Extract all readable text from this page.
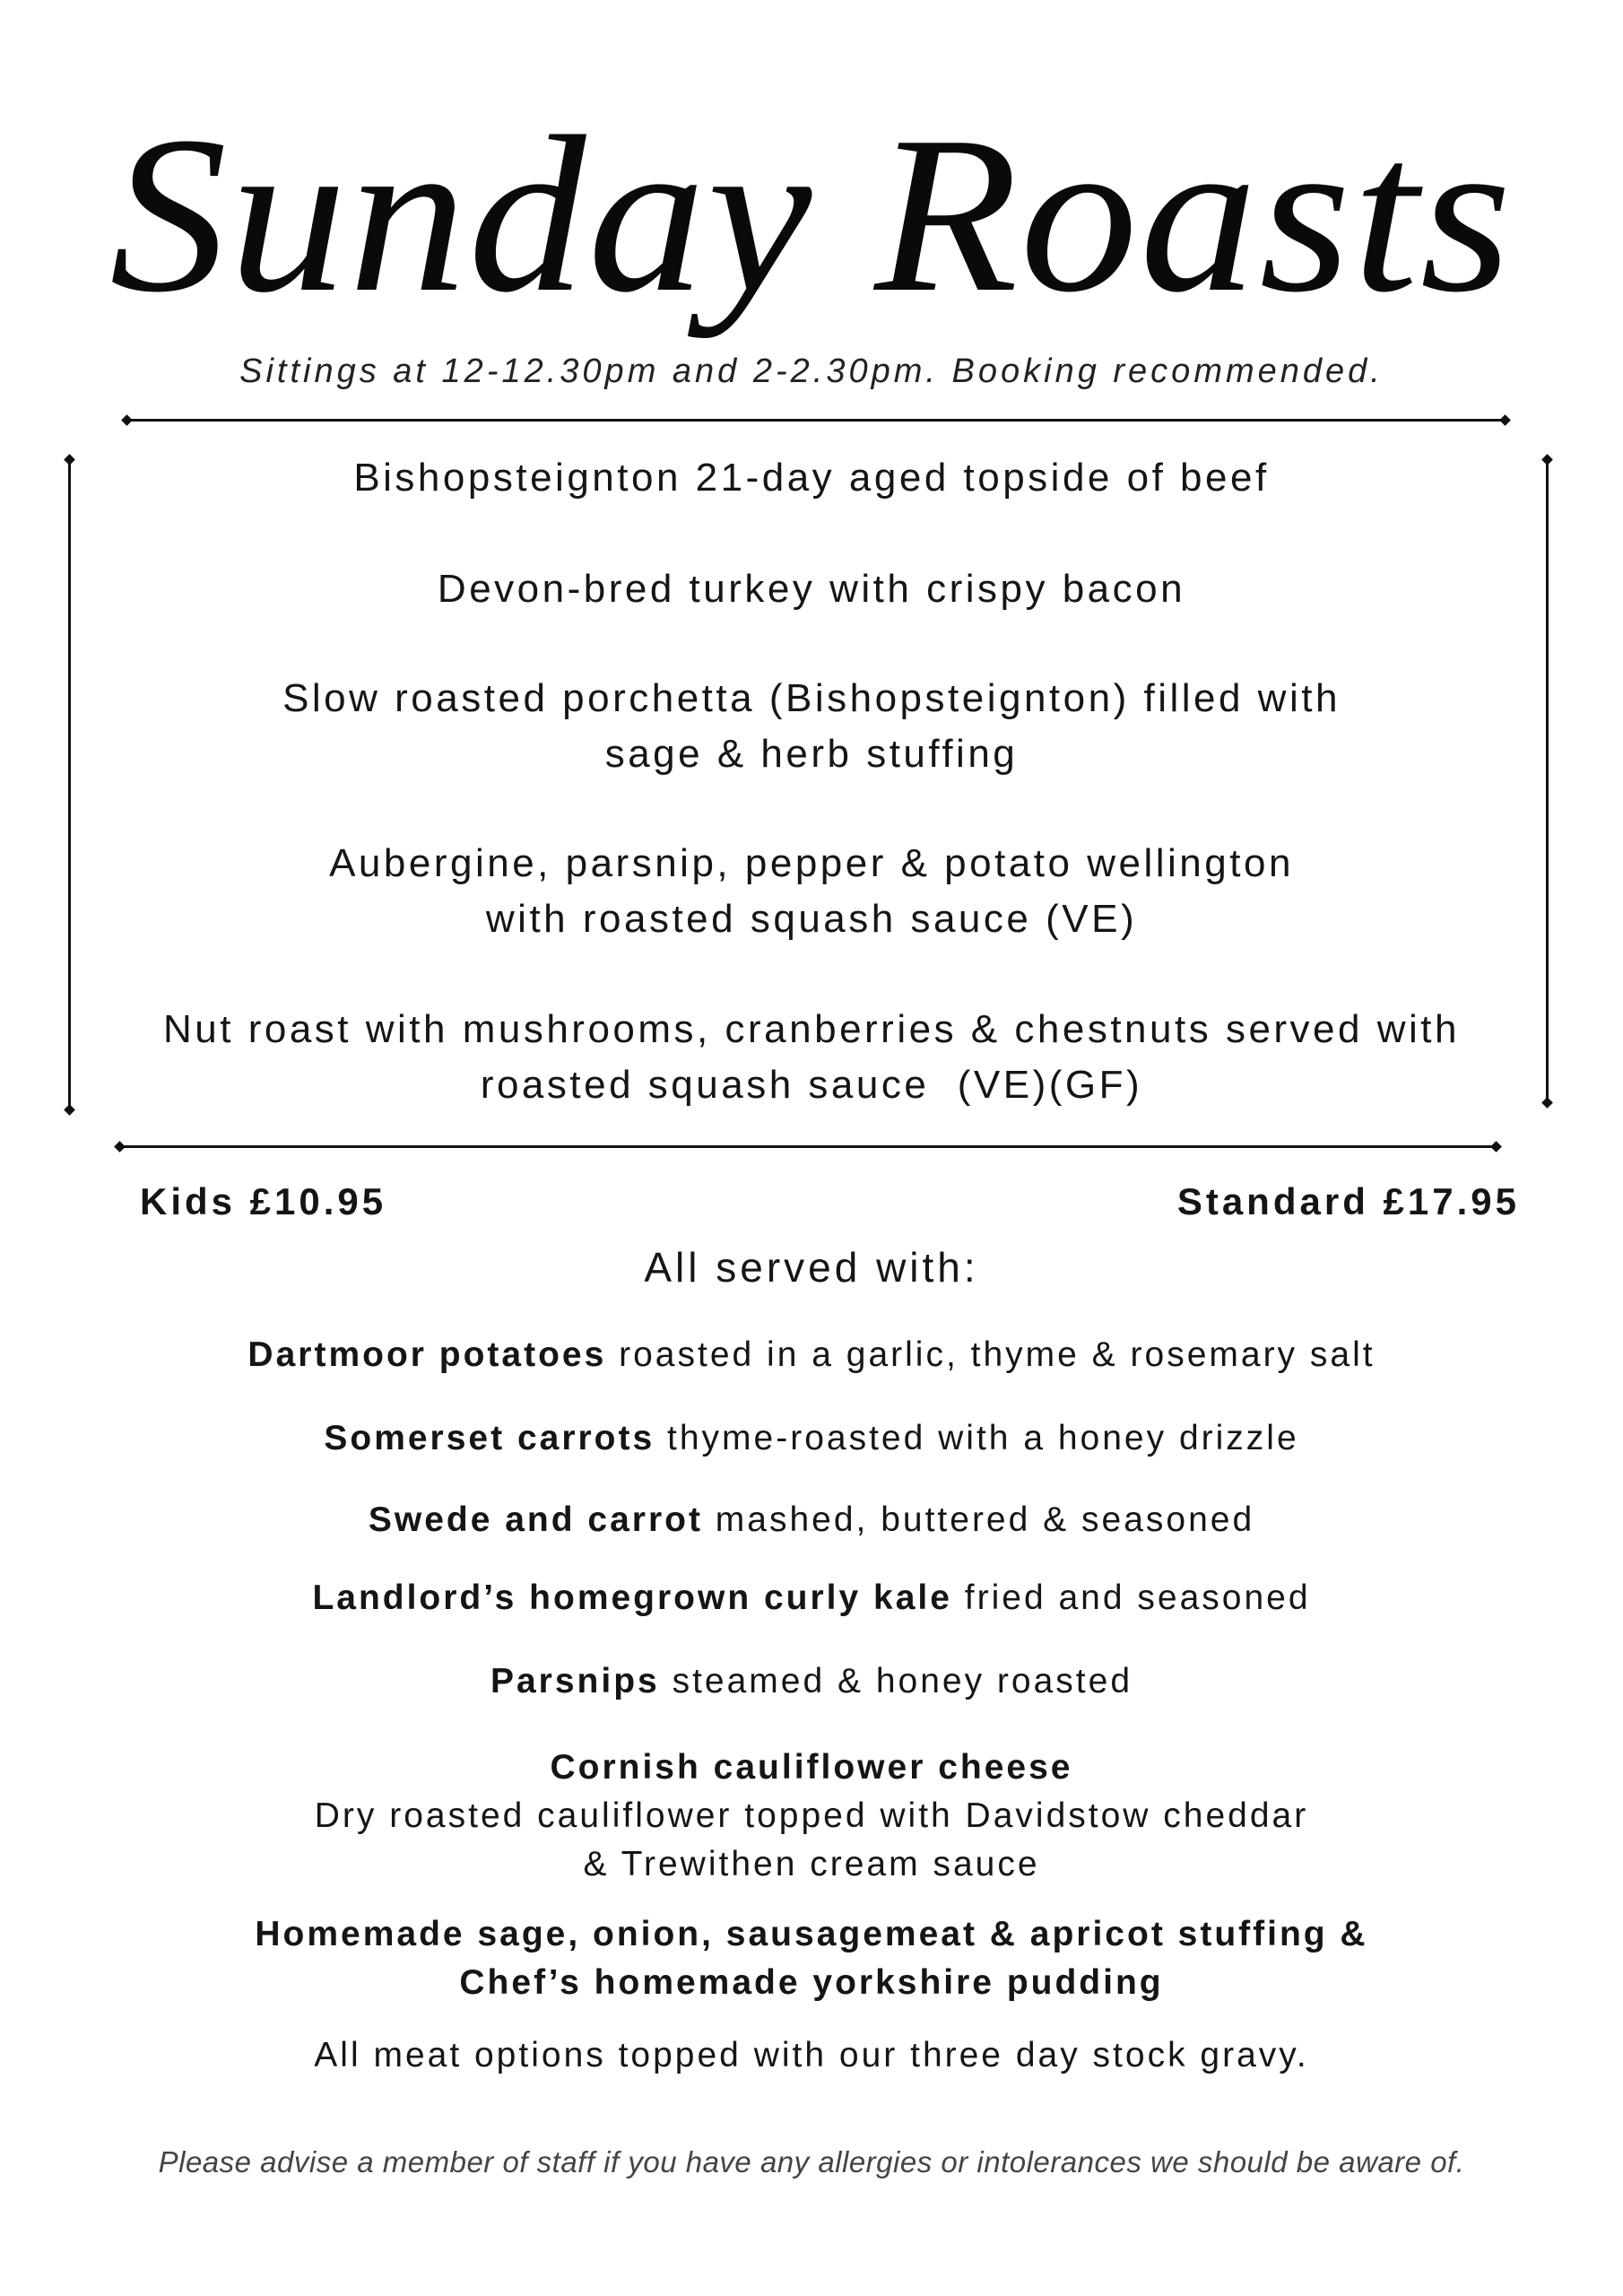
Sunday Roasts
Sittings at 12-12.30pm and 2-2.30pm. Booking recommended.
Bishopsteignton 21-day aged topside of beef
Devon-bred turkey with crispy bacon
Slow roasted porchetta (Bishopsteignton) filled with
sage & herb stuffing
Aubergine, parsnip, pepper & potato wellington
with roasted squash sauce (VE)
Nut roast with mushrooms, cranberries & chestnuts served with
roasted squash sauce  (VE)(GF)
Kids £10.95	Standard £17.95
All served with:
Dartmoor potatoes roasted in a garlic, thyme & rosemary salt
Somerset carrots thyme-roasted with a honey drizzle
Swede and carrot mashed, buttered & seasoned
Landlord’s homegrown curly kale fried and seasoned
Parsnips steamed & honey roasted
Cornish cauliflower cheese
Dry roasted cauliflower topped with Davidstow cheddar
& Trewithen cream sauce
Homemade sage, onion, sausagemeat & apricot stuffing &
Chef’s homemade yorkshire pudding
All meat options topped with our three day stock gravy.
Please advise a member of staff if you have any allergies or intolerances we should be aware of.
